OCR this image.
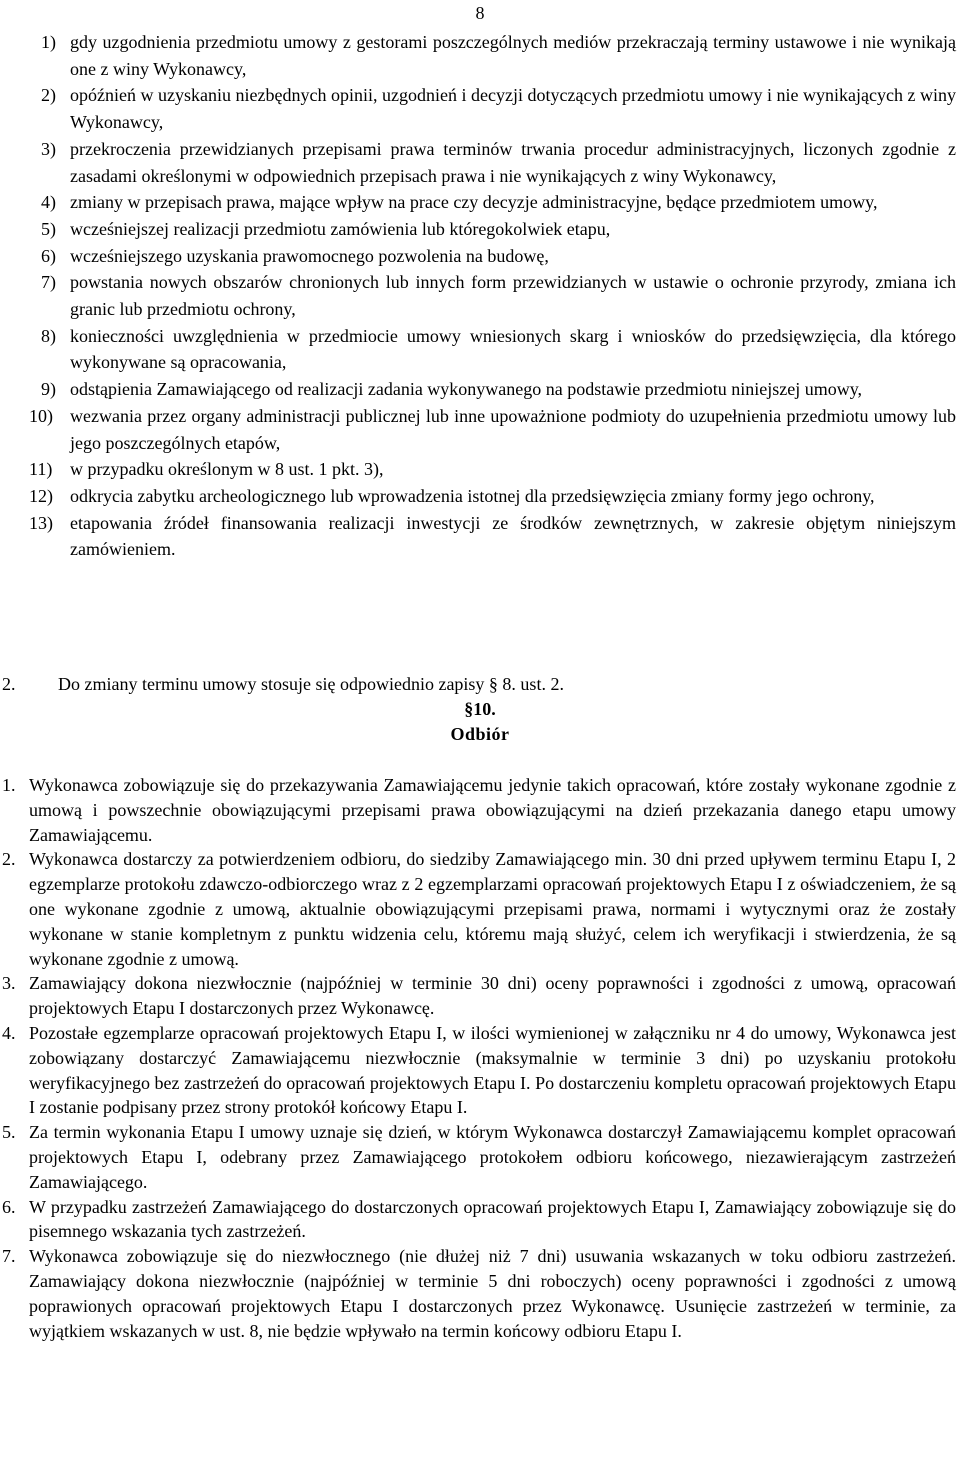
8
1) gdy uzgodnienia przedmiotu umowy z gestorami poszczególnych mediów przekraczają terminy ustawowe i nie wynikają one z winy Wykonawcy,
2) opóźnień w uzyskaniu niezbędnych opinii, uzgodnień i decyzji dotyczących przedmiotu umowy i nie wynikających z winy Wykonawcy,
3) przekroczenia przewidzianych przepisami prawa terminów trwania procedur administracyjnych, liczonych zgodnie z zasadami określonymi w odpowiednich przepisach prawa i nie wynikających z winy Wykonawcy,
4) zmiany w przepisach prawa, mające wpływ na prace czy decyzje administracyjne, będące przedmiotem umowy,
5) wcześniejszej realizacji przedmiotu zamówienia lub któregokolwiek etapu,
6) wcześniejszego uzyskania prawomocnego pozwolenia na budowę,
7) powstania nowych obszarów chronionych lub innych form przewidzianych w ustawie o ochronie przyrody, zmiana ich granic lub przedmiotu ochrony,
8) konieczności uwzględnienia w przedmiocie umowy wniesionych skarg i wniosków do przedsięwzięcia, dla którego wykonywane są opracowania,
9) odstąpienia Zamawiającego od realizacji zadania wykonywanego na podstawie przedmiotu niniejszej umowy,
10) wezwania przez organy administracji publicznej lub inne upoważnione podmioty do uzupełnienia przedmiotu umowy lub jego poszczególnych etapów,
11) w przypadku określonym w 8 ust. 1 pkt. 3),
12) odkrycia zabytku archeologicznego lub wprowadzenia istotnej dla przedsięwzięcia zmiany formy jego ochrony,
13) etapowania źródeł finansowania realizacji inwestycji ze środków zewnętrznych, w zakresie objętym niniejszym zamówieniem.
2. Do zmiany terminu umowy stosuje się odpowiednio zapisy § 8. ust. 2.
§10.
Odbiór
1. Wykonawca zobowiązuje się do przekazywania Zamawiającemu jedynie takich opracowań, które zostały wykonane zgodnie z umową i powszechnie obowiązującymi przepisami prawa obowiązującymi na dzień przekazania danego etapu umowy Zamawiającemu.
2. Wykonawca dostarczy za potwierdzeniem odbioru, do siedziby Zamawiającego min. 30 dni przed upływem terminu Etapu I, 2 egzemplarze protokołu zdawczo-odbiorczego wraz z 2 egzemplarzami opracowań projektowych Etapu I z oświadczeniem, że są one wykonane zgodnie z umową, aktualnie obowiązującymi przepisami prawa, normami i wytycznymi oraz że zostały wykonane w stanie kompletnym z punktu widzenia celu, któremu mają służyć, celem ich weryfikacji i stwierdzenia, że są wykonane zgodnie z umową.
3. Zamawiający dokona niezwłocznie (najpóźniej w terminie 30 dni) oceny poprawności i zgodności z umową, opracowań projektowych Etapu I dostarczonych przez Wykonawcę.
4. Pozostałe egzemplarze opracowań projektowych Etapu I, w ilości wymienionej w załączniku nr 4 do umowy, Wykonawca jest zobowiązany dostarczyć Zamawiającemu niezwłocznie (maksymalnie w terminie 3 dni) po uzyskaniu protokołu weryfikacyjnego bez zastrzeżeń do opracowań projektowych Etapu I. Po dostarczeniu kompletu opracowań projektowych Etapu I zostanie podpisany przez strony protokół końcowy Etapu I.
5. Za termin wykonania Etapu I umowy uznaje się dzień, w którym Wykonawca dostarczył Zamawiającemu komplet opracowań projektowych Etapu I, odebrany przez Zamawiającego protokołem odbioru końcowego, niezawierającym zastrzeżeń Zamawiającego.
6. W przypadku zastrzeżeń Zamawiającego do dostarczonych opracowań projektowych Etapu I, Zamawiający zobowiązuje się do pisemnego wskazania tych zastrzeżeń.
7. Wykonawca zobowiązuje się do niezwłocznego (nie dłużej niż 7 dni) usuwania wskazanych w toku odbioru zastrzeżeń. Zamawiający dokona niezwłocznie (najpóźniej w terminie 5 dni roboczych) oceny poprawności i zgodności z umową poprawionych opracowań projektowych Etapu I dostarczonych przez Wykonawcę. Usunięcie zastrzeżeń w terminie, za wyjątkiem wskazanych w ust. 8, nie będzie wpływało na termin końcowy odbioru Etapu I.
